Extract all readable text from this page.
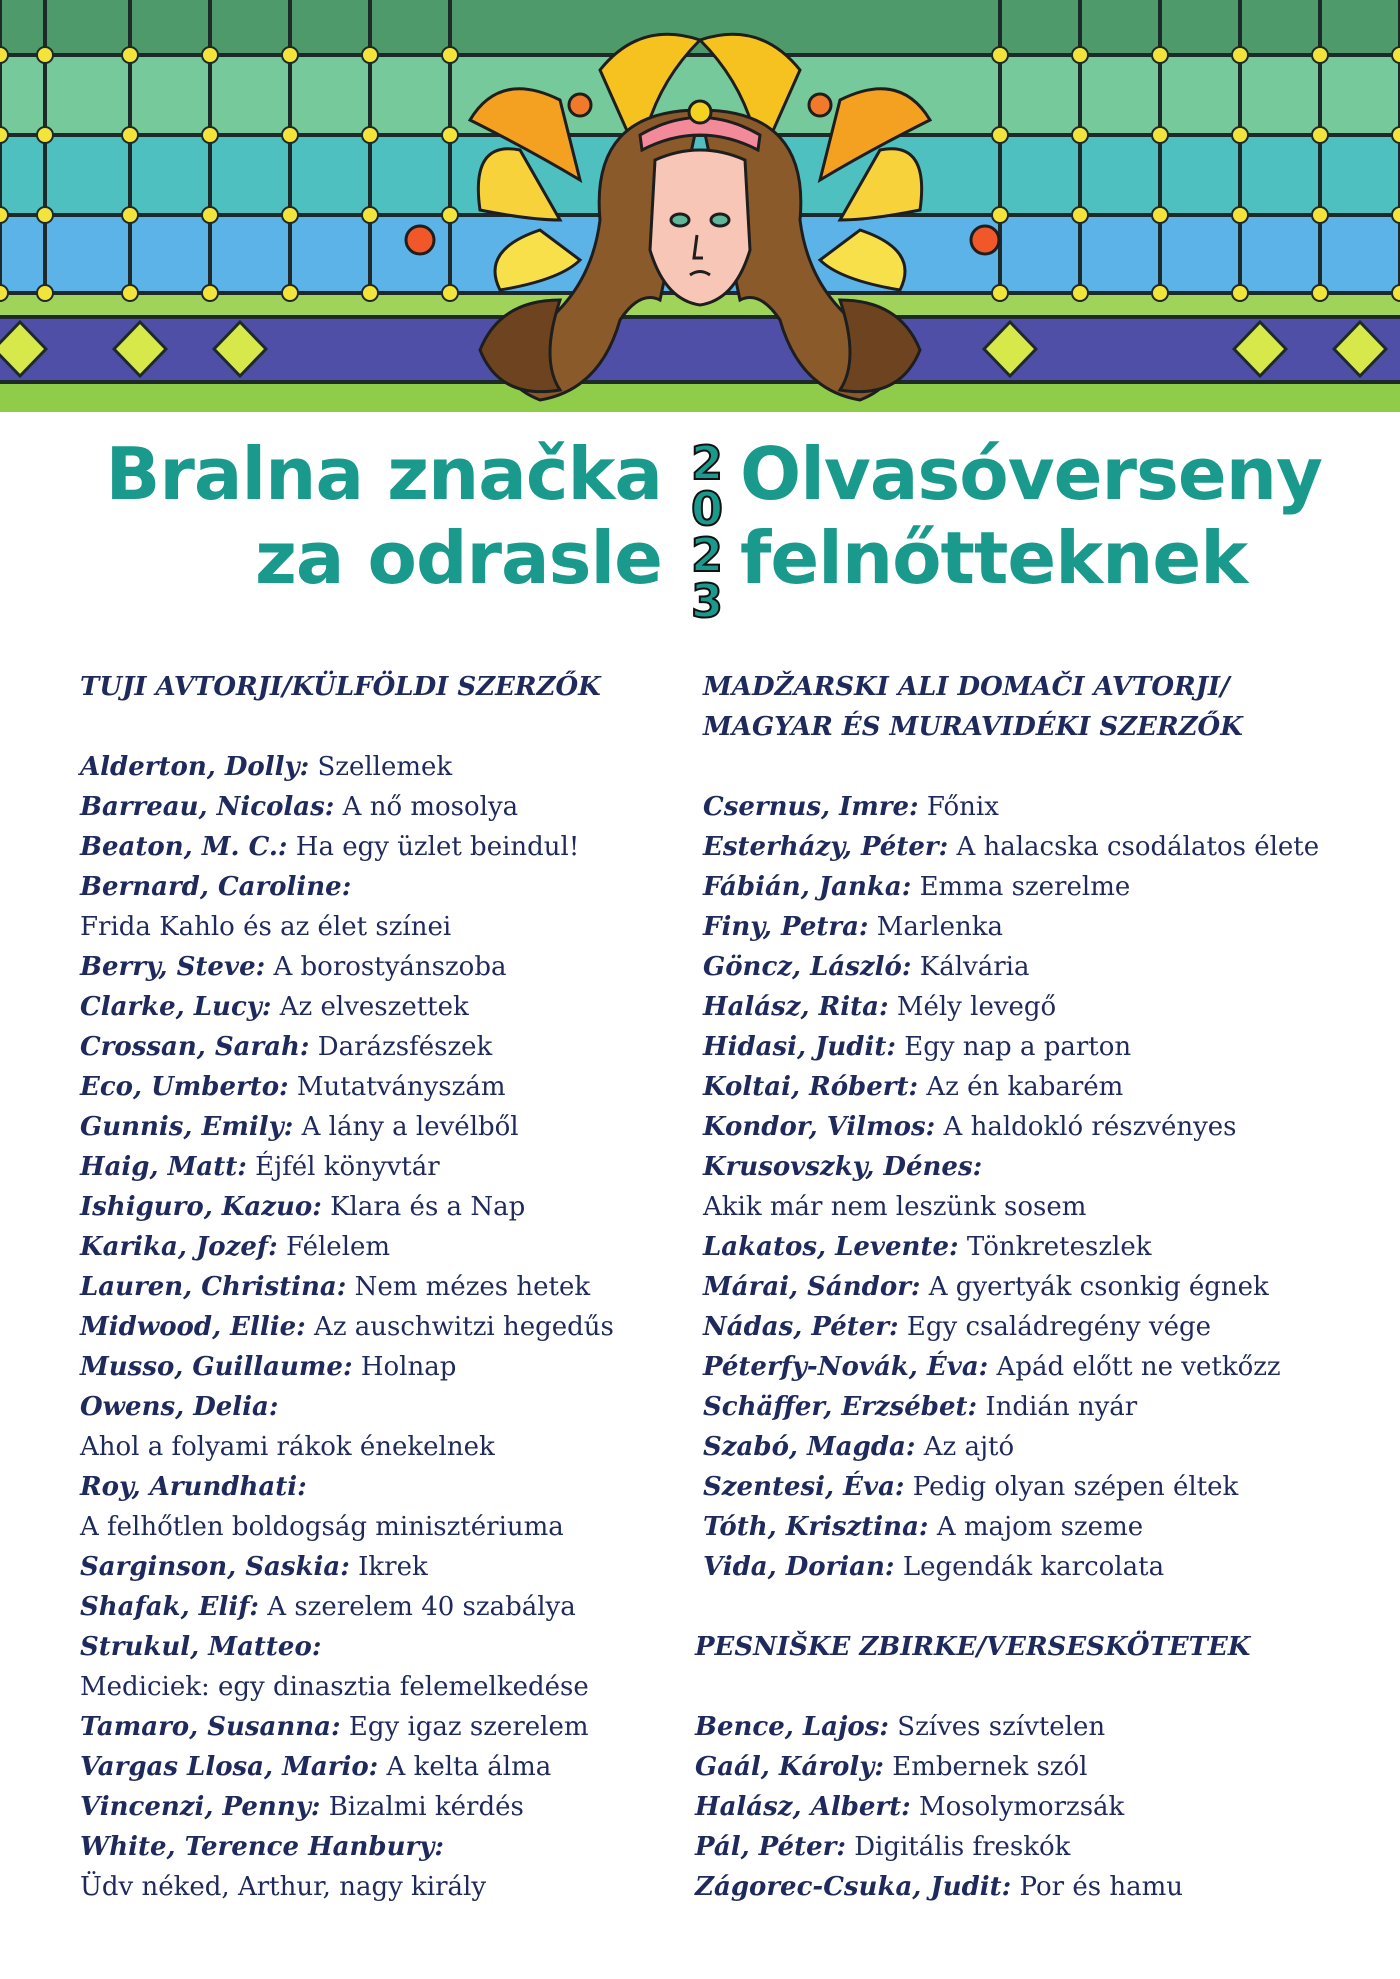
Bralna značka
za odrasle
Olvasóverseny
felnőtteknek
2
0
2
3
TUJI AVTORJI/KÜLFÖLDI SZERZŐK
Alderton, Dolly: Szellemek
Barreau, Nicolas: A nő mosolya
Beaton, M. C.: Ha egy üzlet beindul!
Bernard, Caroline:
Frida Kahlo és az élet színei
Berry, Steve: A borostyánszoba
Clarke, Lucy: Az elveszettek
Crossan, Sarah: Darázsfészek
Eco, Umberto: Mutatványszám
Gunnis, Emily: A lány a levélből
Haig, Matt: Éjfél könyvtár
Ishiguro, Kazuo: Klara és a Nap
Karika, Jozef: Félelem
Lauren, Christina: Nem mézes hetek
Midwood, Ellie: Az auschwitzi hegedűs
Musso, Guillaume: Holnap
Owens, Delia:
Ahol a folyami rákok énekelnek
Roy, Arundhati:
A felhőtlen boldogság minisztériuma
Sarginson, Saskia: Ikrek
Shafak, Elif: A szerelem 40 szabálya
Strukul, Matteo:
Mediciek: egy dinasztia felemelkedése
Tamaro, Susanna: Egy igaz szerelem
Vargas Llosa, Mario: A kelta álma
Vincenzi, Penny: Bizalmi kérdés
White, Terence Hanbury:
Üdv néked, Arthur, nagy király
MADŽARSKI ALI DOMAČI AVTORJI/
MAGYAR ÉS MURAVIDÉKI SZERZŐK
Csernus, Imre: Főnix
Esterházy, Péter: A halacska csodálatos élete
Fábián, Janka: Emma szerelme
Finy, Petra: Marlenka
Göncz, László: Kálvária
Halász, Rita: Mély levegő
Hidasi, Judit: Egy nap a parton
Koltai, Róbert: Az én kabarém
Kondor, Vilmos: A haldokló részvényes
Krusovszky, Dénes:
Akik már nem leszünk sosem
Lakatos, Levente: Tönkreteszlek
Márai, Sándor: A gyertyák csonkig égnek
Nádas, Péter: Egy családregény vége
Péterfy-Novák, Éva: Apád előtt ne vetkőzz
Schäffer, Erzsébet: Indián nyár
Szabó, Magda: Az ajtó
Szentesi, Éva: Pedig olyan szépen éltek
Tóth, Krisztina: A majom szeme
Vida, Dorian: Legendák karcolata
PESNIŠKE ZBIRKE/VERSESKÖTETEK
Bence, Lajos: Szíves szívtelen
Gaál, Károly: Embernek szól
Halász, Albert: Mosolymorzsák
Pál, Péter: Digitális freskók
Zágorec-Csuka, Judit: Por és hamu
